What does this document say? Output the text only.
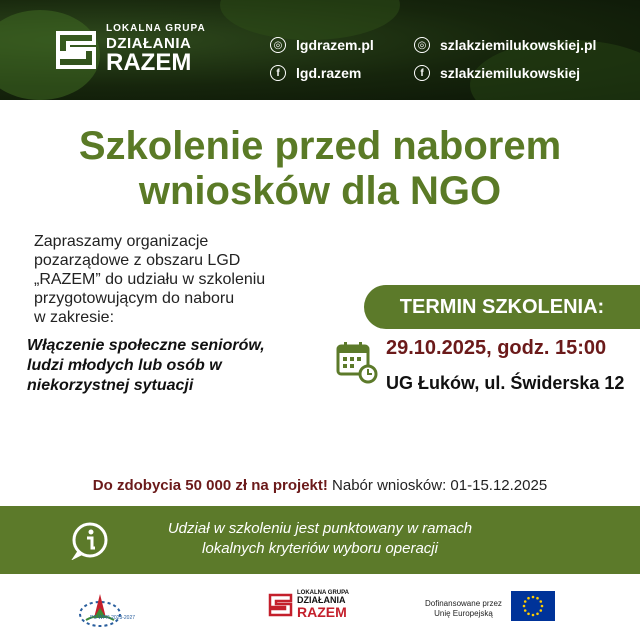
LOKALNA GRUPA
DZIAŁANIA
RAZEM
◎ lgdrazem.pl
f	lgd.razem
◎ szlakziemilukowskiej.pl
f	szlakziemilukowskiej
Szkolenie przed naborem
wniosków dla NGO
Zapraszamy organizacje
pozarządowe z obszaru LGD
„RAZEM” do udziału w szkoleniu
przygotowującym do naboru
w zakresie:
Włączenie społeczne seniorów,
ludzi młodych lub osób w
niekorzystnej sytuacji
TERMIN SZKOLENIA:
29.10.2025, godz. 15:00
UG Łuków, ul. Świderska 12
Do zdobycia 50 000 zł na projekt! Nabór wniosków: 01-15.12.2025
Udział w szkoleniu jest punktowany w ramach
lokalnych kryteriów wyboru operacji
PS WPR 2023-2027
LOKALNA GRUPA
DZIAŁANIA
RAZEM
Dofinansowane przez
Unię Europejską
